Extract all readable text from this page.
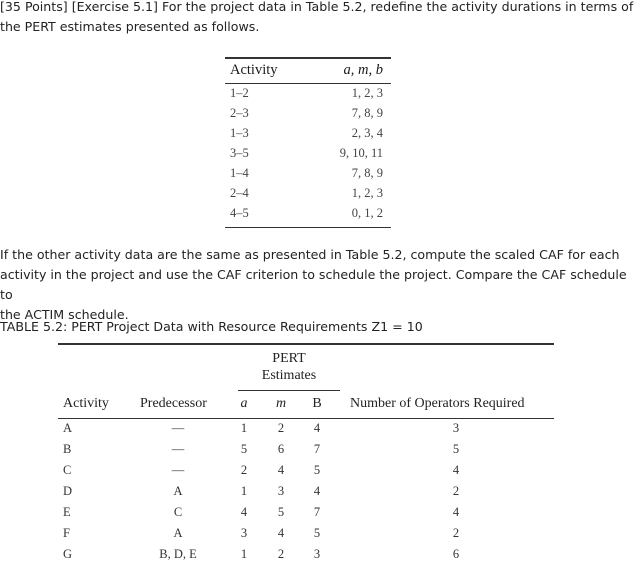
[35 Points] [Exercise 5.1] For the project data in Table 5.2, redefine the activity durations in terms of
the PERT estimates presented as follows.
Activity	a, m, b
1–2	1, 2, 3
2–3	7, 8, 9
1–3	2, 3, 4
3–5	9, 10, 11
1–4	7, 8, 9
2–4	1, 2, 3
4–5	0, 1, 2
If the other activity data are the same as presented in Table 5.2, compute the scaled CAF for each
activity in the project and use the CAF criterion to schedule the project. Compare the CAF schedule to
the ACTIM schedule.
TABLE 5.2: PERT Project Data with Resource Requirements Z1 = 10
PERT
Estimates
Activity Predecessor a m B Number of Operators Required
A	—	1 2 4	3
B	—	5 6 7	5
C	—	2 4 5	4
D	A	1 3 4	2
E	C	4 5 7	4
F	A	3 4 5	2
G	B, D, E	1 2 3	6
